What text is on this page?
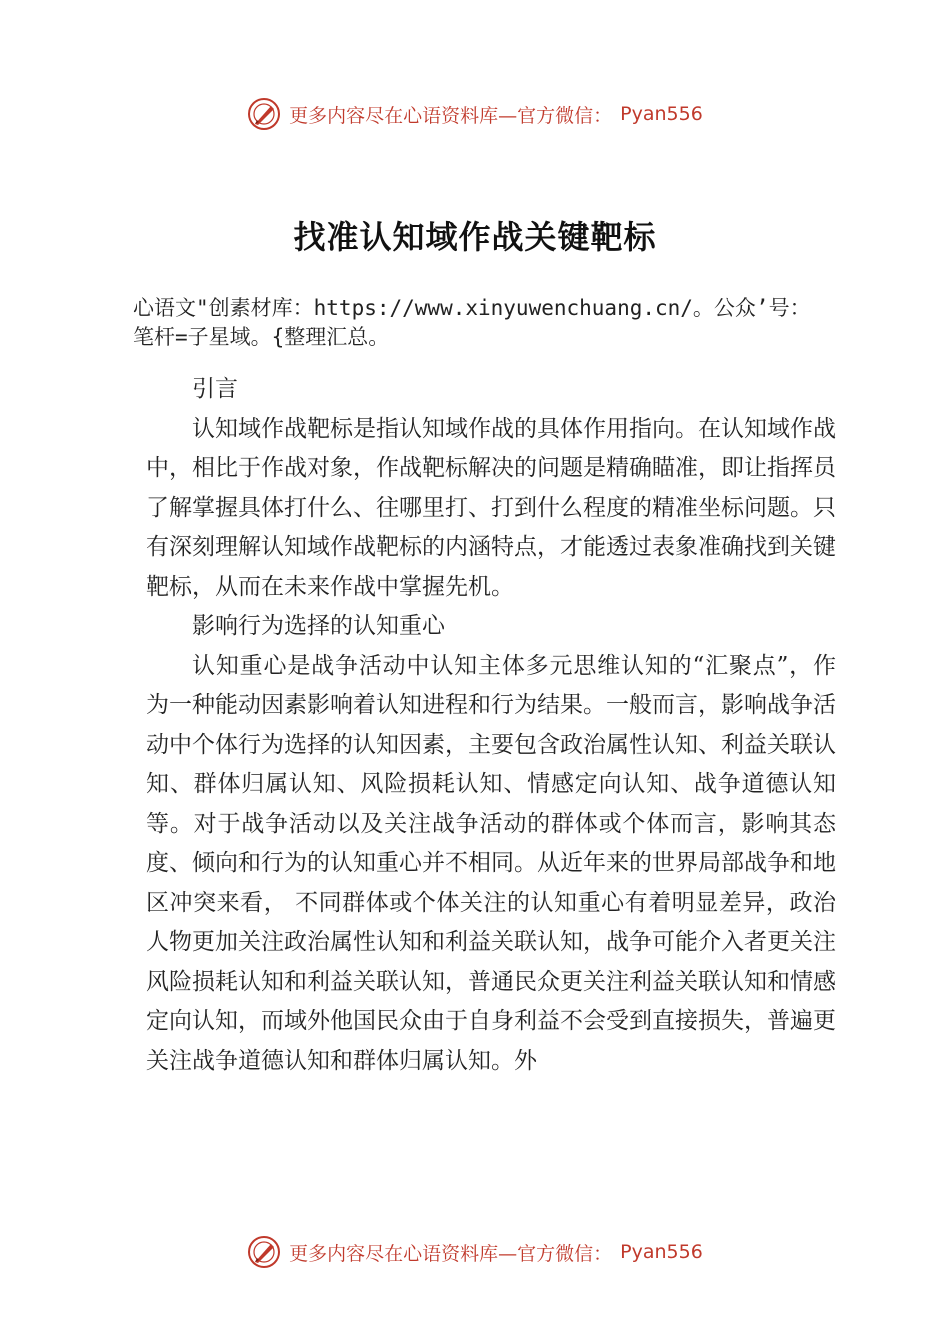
更多内容尽在心语资料库—官方微信： Pyan556
找准认知域作战关键靶标
心语文"创素材库：https://www.xinyuwenchuang.cn/。公众’号：笔杆=子星域。{整理汇总。

引言

认知域作战靶标是指认知域作战的具体作用指向。在认知域作战中，相比于作战对象，作战靶标解决的问题是精确瞄准，即让指挥员了解掌握具体打什么、往哪里打、打到什么程度的精准坐标问题。只有深刻理解认知域作战靶标的内涵特点，才能透过表象准确找到关键靶标，从而在未来作战中掌握先机。

影响行为选择的认知重心

认知重心是战争活动中认知主体多元思维认知的“汇聚点”，作为一种能动因素影响着认知进程和行为结果。一般而言，影响战争活动中个体行为选择的认知因素，主要包含政治属性认知、利益关联认知、群体归属认知、风险损耗认知、情感定向认知、战争道德认知等。对于战争活动以及关注战争活动的群体或个体而言，影响其态度、倾向和行为的认知重心并不相同。从近年来的世界局部战争和地区冲突来看， 不同群体或个体关注的认知重心有着明显差异，政治人物更加关注政治属性认知和利益关联认知，战争可能介入者更关注风险损耗认知和利益关联认知，普通民众更关注利益关联认知和情感定向认知，而域外他国民众由于自身利益不会受到直接损失，普遍更关注战争道德认知和群体归属认知。外

更多内容尽在心语资料库—官方微信： Pyan556
